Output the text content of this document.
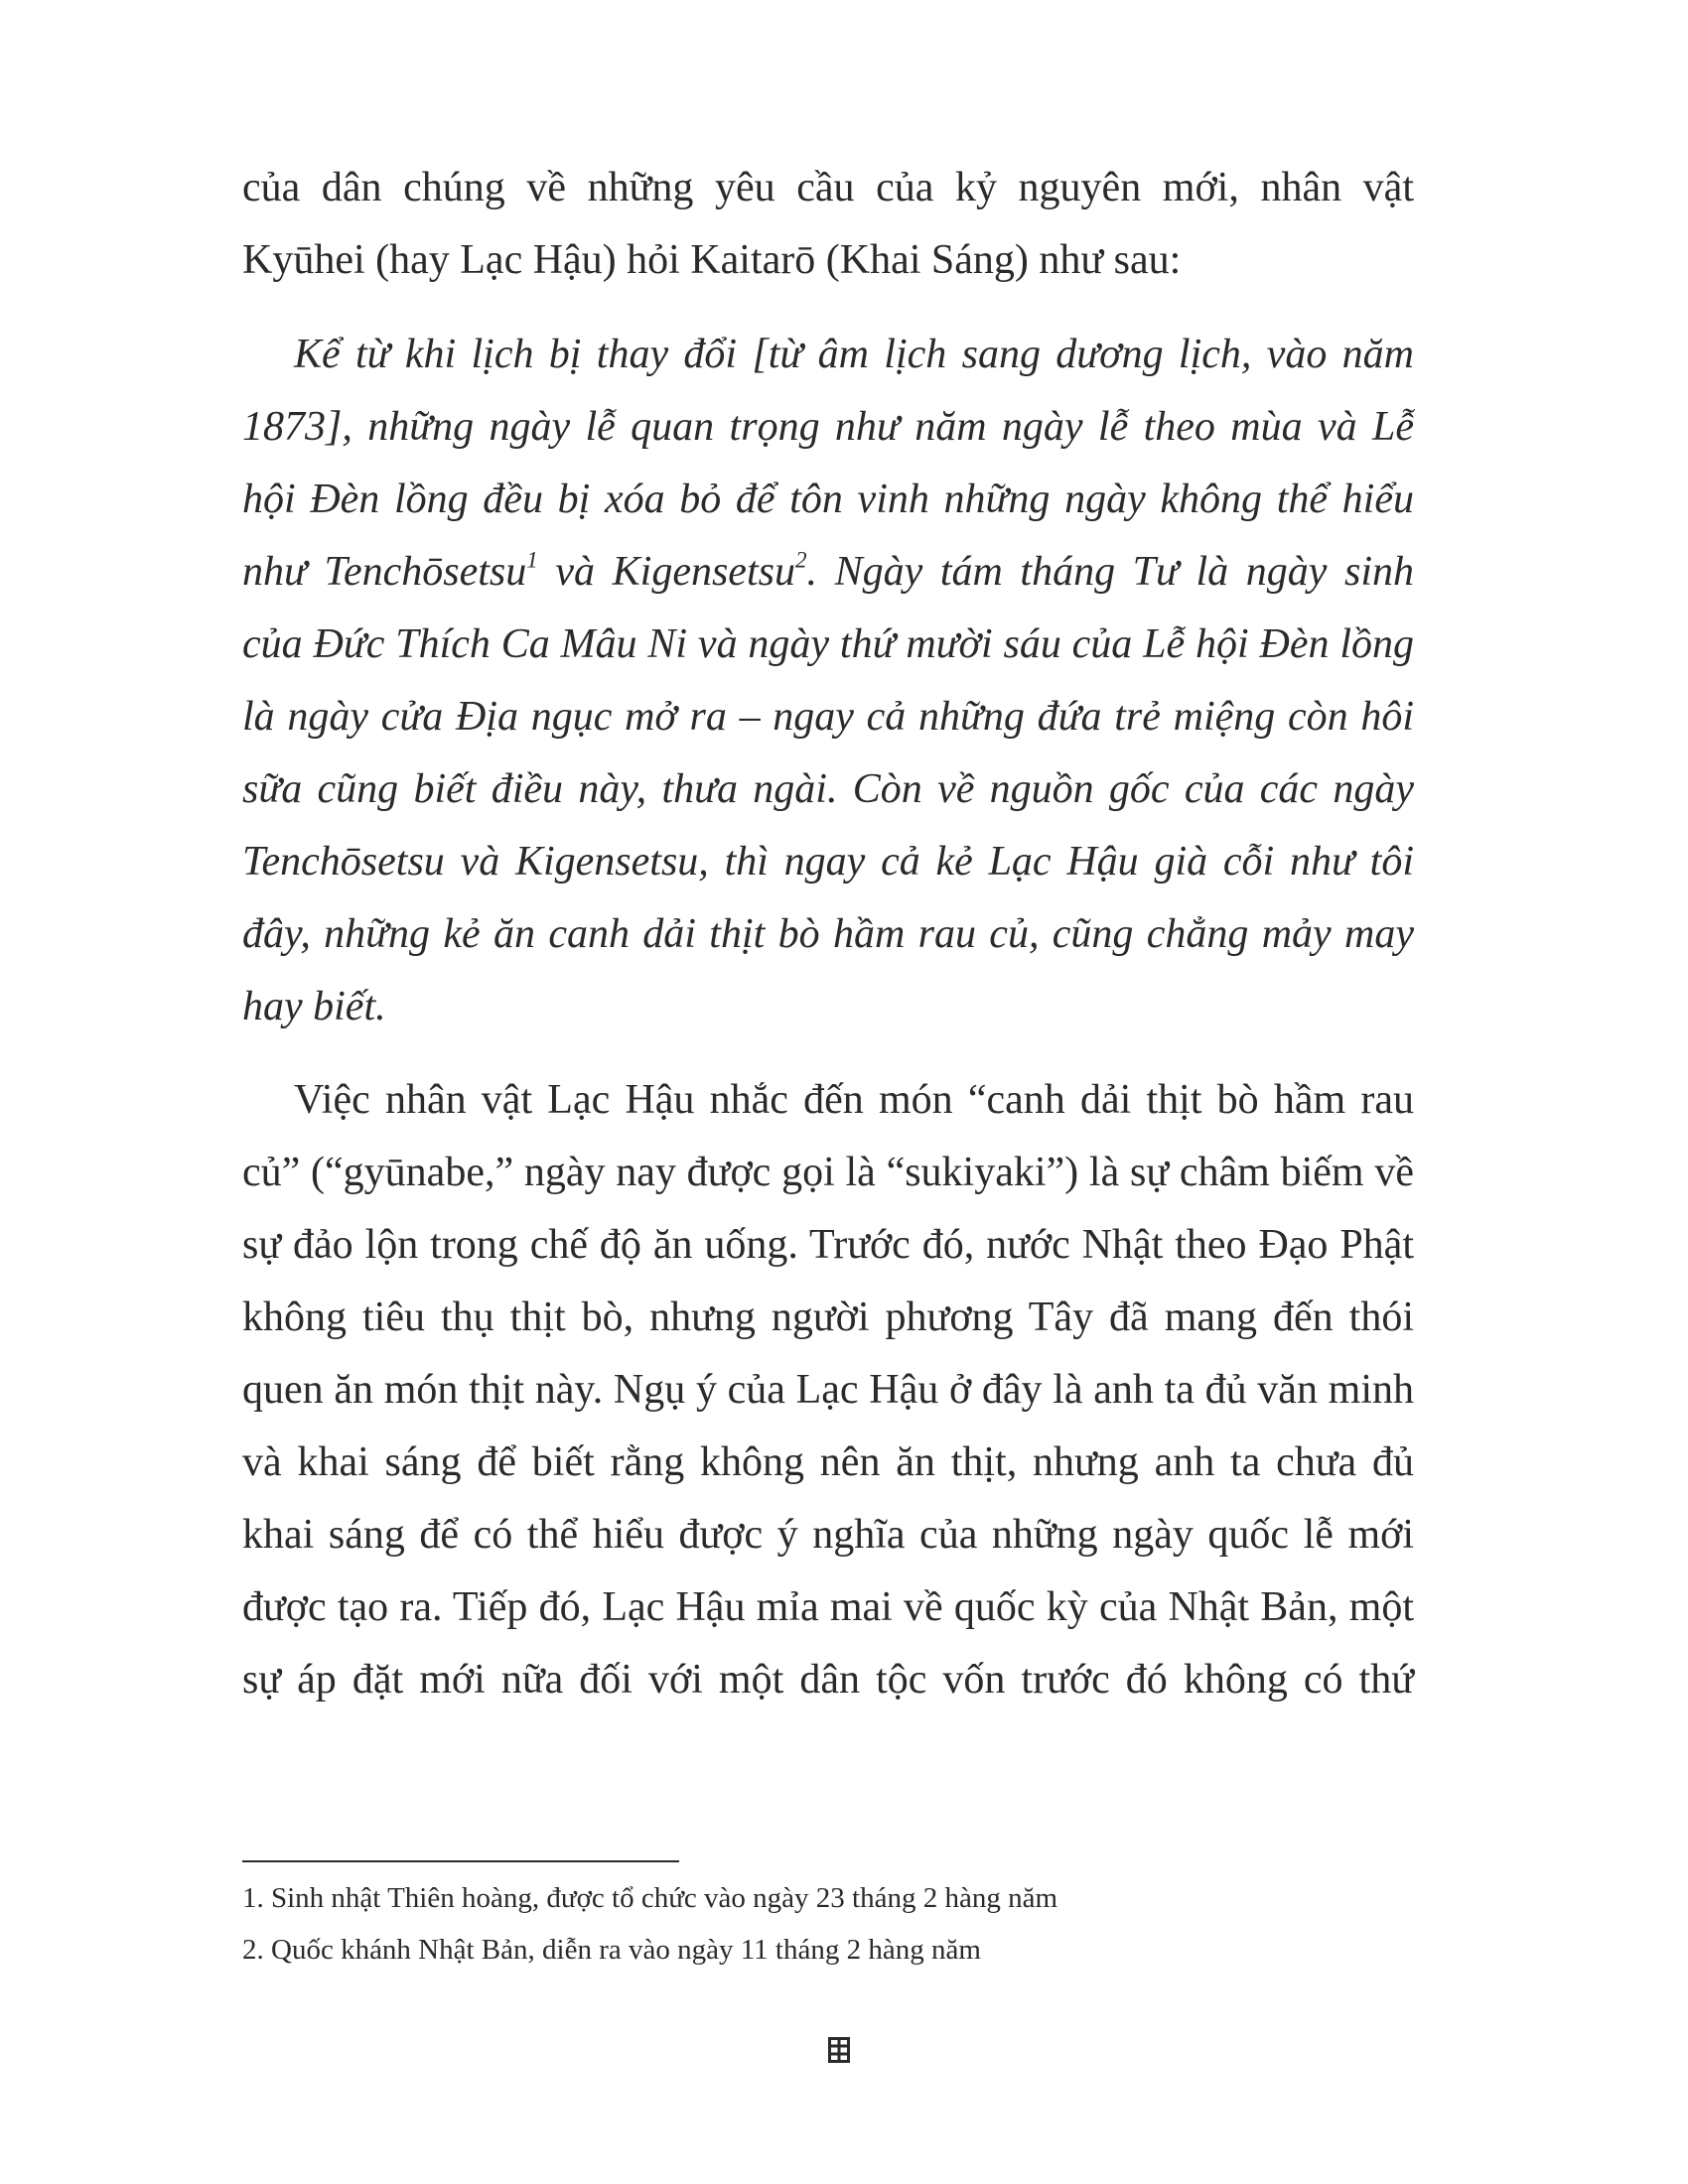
của dân chúng về những yêu cầu của kỷ nguyên mới, nhân vật Kyūhei (hay Lạc Hậu) hỏi Kaitarō (Khai Sáng) như sau:

Kể từ khi lịch bị thay đổi [từ âm lịch sang dương lịch, vào năm 1873], những ngày lễ quan trọng như năm ngày lễ theo mùa và Lễ hội Đèn lồng đều bị xóa bỏ để tôn vinh những ngày không thể hiểu như Tenchōsetsu$^1$ và Kigensetsu$^2$. Ngày tám tháng Tư là ngày sinh của Đức Thích Ca Mâu Ni và ngày thứ mười sáu của Lễ hội Đèn lồng là ngày cửa Địa ngục mở ra – ngay cả những đứa trẻ miệng còn hôi sữa cũng biết điều này, thưa ngài. Còn về nguồn gốc của các ngày Tenchōsetsu và Kigensetsu, thì ngay cả kẻ Lạc Hậu già cỗi như tôi đây, những kẻ ăn canh dải thịt bò hầm rau củ, cũng chẳng mảy may hay biết.

Việc nhân vật Lạc Hậu nhắc đến món “canh dải thịt bò hầm rau củ” (“gyūnabe,” ngày nay được gọi là “sukiyaki”) là sự châm biếm về sự đảo lộn trong chế độ ăn uống. Trước đó, nước Nhật theo Đạo Phật không tiêu thụ thịt bò, nhưng người phương Tây đã mang đến thói quen ăn món thịt này. Ngụ ý của Lạc Hậu ở đây là anh ta đủ văn minh và khai sáng để biết rằng không nên ăn thịt, nhưng anh ta chưa đủ khai sáng để có thể hiểu được ý nghĩa của những ngày quốc lễ mới được tạo ra. Tiếp đó, Lạc Hậu mỉa mai về quốc kỳ của Nhật Bản, một sự áp đặt mới nữa đối với một dân tộc vốn trước đó không có thứ

1. Sinh nhật Thiên hoàng, được tổ chức vào ngày 23 tháng 2 hàng năm

2. Quốc khánh Nhật Bản, diễn ra vào ngày 11 tháng 2 hàng năm
